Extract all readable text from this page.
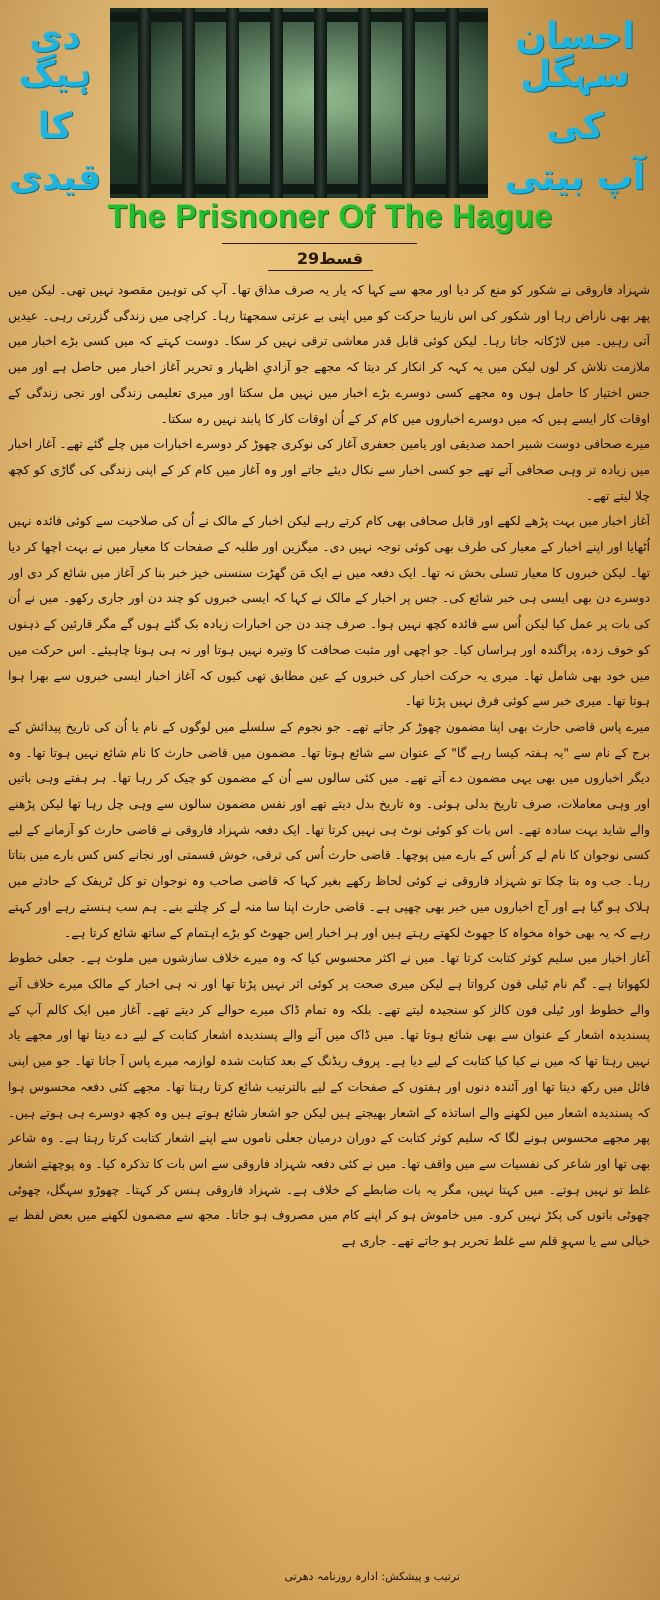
دی ہیگ
کا
قیدی
احسان سہگل
کی
آپ بیتی
The Prisnoner Of The Hague
قسط29

شہزاد فاروقی نے شکور کو منع کر دیا اور مجھ سے کہا کہ یار یہ صرف مذاق تھا۔ آپ کی توہین مقصود نہیں تھی۔ لیکن میں پھر بھی ناراض رہا اور شکور کی اس نازیبا حرکت کو میں اپنی بے عزتی سمجھتا رہا۔ کراچی میں زندگی گزرتی رہی۔ عیدیں آتی رہیں۔ میں لاڑکانہ جاتا رہا۔ لیکن کوئی قابل قدر معاشی ترقی نہیں کر سکا۔ دوست کہتے کہ میں کسی بڑے اخبار میں ملازمت تلاش کر لوں لیکن میں یہ کہہ کر انکار کر دیتا کہ مجھے جو آزادیِ اظہار و تحریر آغاز اخبار میں حاصل ہے اور میں جس اختیار کا حامل ہوں وہ مجھے کسی دوسرے بڑے اخبار میں نہیں مل سکتا اور میری تعلیمی زندگی اور نجی زندگی کے اوقات کار ایسے ہیں کہ میں دوسرے اخباروں میں کام کر کے اُن اوقات کار کا پابند نہیں رہ سکتا۔

میرے صحافی دوست شبیر احمد صدیقی اور یامین جعفری آغاز کی نوکری چھوڑ کر دوسرے اخبارات میں چلے گئے تھے۔ آغاز اخبار میں زیادہ تر وہی صحافی آتے تھے جو کسی اخبار سے نکال دیئے جاتے اور وہ آغاز میں کام کر کے اپنی زندگی کی گاڑی کو کچھ چلا لیتے تھے۔

آغاز اخبار میں بہت پڑھے لکھے اور قابل صحافی بھی کام کرتے رہے لیکن اخبار کے مالک نے اُن کی صلاحیت سے کوئی فائدہ نہیں اُٹھایا اور اپنے اخبار کے معیار کی طرف بھی کوئی توجہ نہیں دی۔ میگزین اور طلبہ کے صفحات کا معیار میں نے بہت اچھا کر دیا تھا۔ لیکن خبروں کا معیار تسلی بخش نہ تھا۔ ایک دفعہ میں نے ایک مَن گھڑت سنسنی خیز خبر بنا کر آغاز میں شائع کر دی اور دوسرے دن بھی ایسی ہی خبر شائع کی۔ جس پر اخبار کے مالک نے کہا کہ ایسی خبروں کو چند دن اور جاری رکھو۔ میں نے اُن کی بات پر عمل کیا لیکن اُس سے فائدہ کچھ نہیں ہوا۔ صرف چند دن جن اخبارات زیادہ بک گئے ہوں گے مگر قارئین کے ذہنوں کو خوف زدہ، پراگندہ اور ہراساں کیا۔ جو اچھی اور مثبت صحافت کا وتیرہ نہیں ہوتا اور نہ ہی ہونا چاہیئے۔ اس حرکت میں میں خود بھی شامل تھا۔ میری یہ حرکت اخبار کی خبروں کے عین مطابق تھی کیوں کہ آغاز اخبار ایسی خبروں سے بھرا ہوا ہوتا تھا۔ میری خبر سے کوئی فرق نہیں پڑتا تھا۔

میرے پاس قاضی حارث بھی اپنا مضمون چھوڑ کر جاتے تھے۔ جو نجوم کے سلسلے میں لوگوں کے نام یا اُن کی تاریخ پیدائش کے برج کے نام سے "یہ ہفتہ کیسا رہے گا" کے عنوان سے شائع ہوتا تھا۔ مضمون میں قاضی حارث کا نام شائع نہیں ہوتا تھا۔ وہ دیگر اخباروں میں بھی یہی مضمون دے آتے تھے۔ میں کئی سالوں سے اُن کے مضمون کو چیک کر رہا تھا۔ ہر ہفتے وہی باتیں اور وہی معاملات، صرف تاریخ بدلی ہوئی۔ وہ تاریخ بدل دیتے تھے اور نفس مضمون سالوں سے وہی چل رہا تھا لیکن پڑھنے والے شاید بہت سادہ تھے۔ اس بات کو کوئی نوٹ ہی نہیں کرتا تھا۔ ایک دفعہ شہزاد فاروقی نے قاضی حارث کو آزمانے کے لیے کسی نوجوان کا نام لے کر اُس کے بارے میں پوچھا۔ قاضی حارث اُس کی ترقی، خوش قسمتی اور نجانے کس کس بارے میں بتاتا رہا۔ جب وہ بتا چکا تو شہزاد فاروقی نے کوئی لحاظ رکھے بغیر کہا کہ قاضی صاحب وہ نوجوان تو کل ٹریفک کے حادثے میں ہلاک ہو گیا ہے اور آج اخباروں میں خبر بھی چھپی ہے۔ قاضی حارث اپنا سا منہ لے کر چلتے بنے۔ ہم سب ہنستے رہے اور کہتے رہے کہ یہ بھی خواہ مخواہ کا جھوٹ لکھتے رہتے ہیں اور ہر اخبار اِس جھوٹ کو بڑے اہتمام کے ساتھ شائع کرتا ہے۔

آغاز اخبار میں سلیم کوثر کتابت کرتا تھا۔ میں نے اکثر محسوس کیا کہ وہ میرے خلاف سازشوں میں ملوث ہے۔ جعلی خطوط لکھواتا ہے۔ گم نام ٹیلی فون کرواتا ہے لیکن میری صحت پر کوئی اثر نہیں پڑتا تھا اور نہ ہی اخبار کے مالک میرے خلاف آنے والے خطوط اور ٹیلی فون کالز کو سنجیدہ لیتے تھے۔ بلکہ وہ تمام ڈاک میرے حوالے کر دیتے تھے۔ آغاز میں ایک کالم آپ کے پسندیدہ اشعار کے عنوان سے بھی شائع ہوتا تھا۔ میں ڈاک میں آنے والے پسندیدہ اشعار کتابت کے لیے دے دیتا تھا اور مجھے یاد نہیں رہتا تھا کہ میں نے کیا کیا کتابت کے لیے دیا ہے۔ پروف ریڈنگ کے بعد کتابت شدہ لوازمہ میرے پاس آ جاتا تھا۔ جو میں اپنی فائل میں رکھ دیتا تھا اور آئندہ دنوں اور ہفتوں کے صفحات کے لیے بالترتیب شائع کرتا رہتا تھا۔ مجھے کئی دفعہ محسوس ہوا کہ پسندیدہ اشعار میں لکھنے والے اساتذہ کے اشعار بھیجتے ہیں لیکن جو اشعار شائع ہوتے ہیں وہ کچھ دوسرے ہی ہوتے ہیں۔ پھر مجھے محسوس ہونے لگا کہ سلیم کوثر کتابت کے دوران درمیان جعلی ناموں سے اپنے اشعار کتابت کرتا رہتا ہے۔ وہ شاعر بھی تھا اور شاعر کی نفسیات سے میں واقف تھا۔ میں نے کئی دفعہ شہزاد فاروقی سے اس بات کا تذکرہ کیا۔ وہ پوچھتے اشعار غلط تو نہیں ہوتے۔ میں کہتا نہیں، مگر یہ بات ضابطے کے خلاف ہے۔ شہزاد فاروقی ہنس کر کہتا۔ چھوڑو سہگل، چھوٹی چھوٹی باتوں کی پکڑ نہیں کرو۔ میں خاموش ہو کر اپنے کام میں مصروف ہو جاتا۔ مجھ سے مضمون لکھنے میں بعض لفظ بے خیالی سے یا سہوِ قلم سے غلط تحریر ہو جاتے تھے۔ جاری ہے

ترتیب و پیشکش: ادارہ روزنامہ دھرتی
